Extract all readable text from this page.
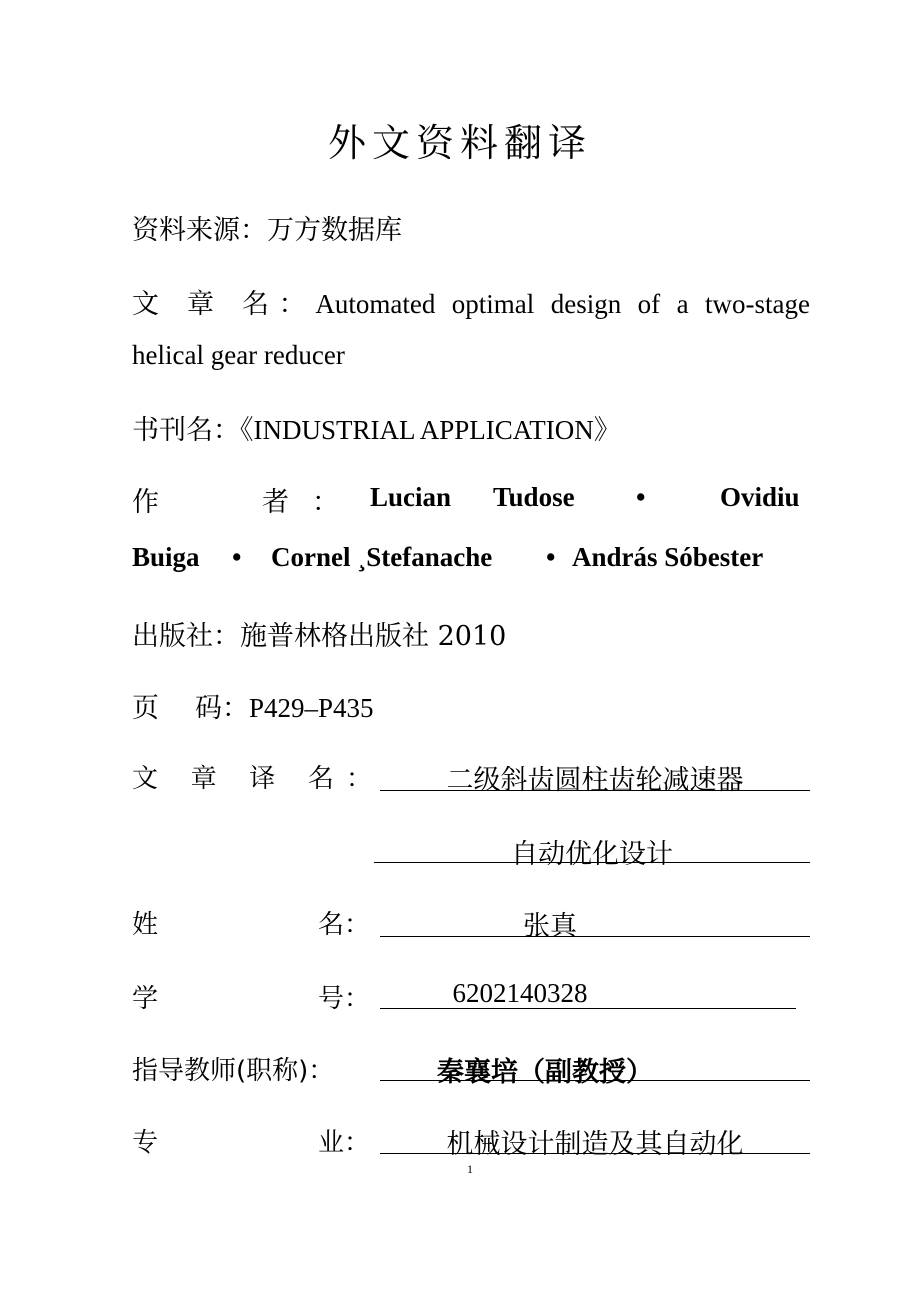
外文资料翻译
资料来源：万方数据库
文 章 名：Automated optimal design of a two-stage
helical gear reducer
书刊名：《INDUSTRIAL APPLICATION》
作	者 ： Lucian Tudose •	Ovidiu
Buiga • Cornel ¸Stefanache • András Sóbester
出版社：施普林格出版社 2010
页 码：P429–P435
文 章 译 名：	二级斜齿圆柱齿轮减速器
自动优化设计
姓	名：	张真
学	号：	6202140328
指导教师(职称)：	秦襄培（副教授）
专	业：	机械设计制造及其自动化
1
